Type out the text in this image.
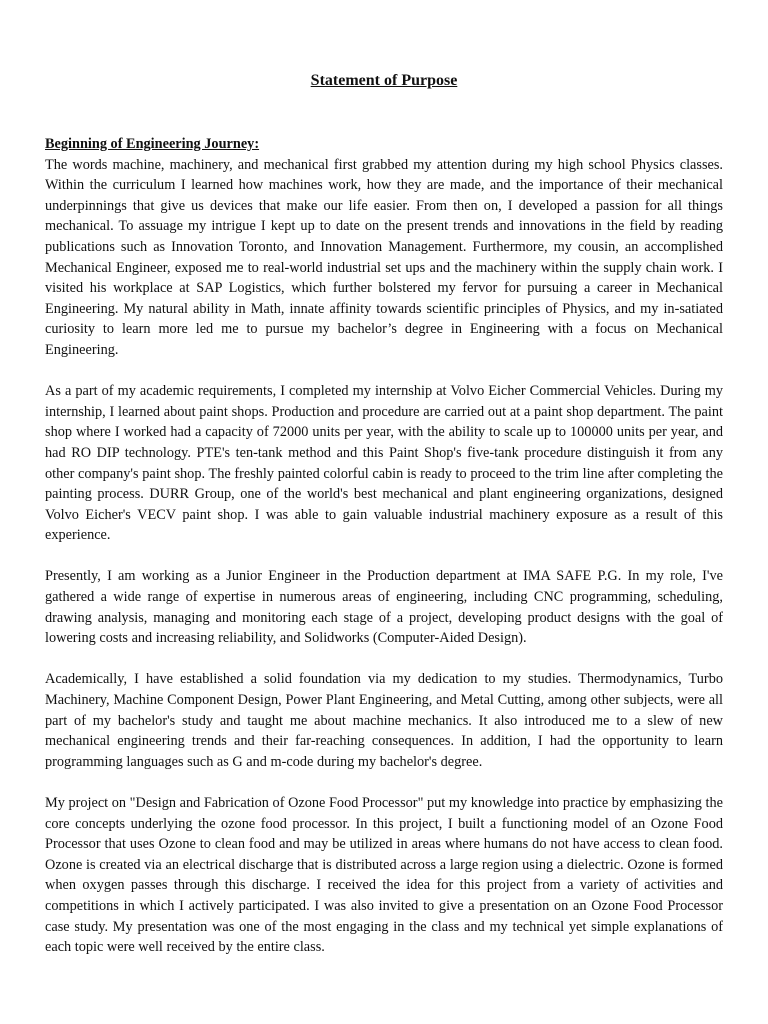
Statement of Purpose
Beginning of Engineering Journey:

The words machine, machinery, and mechanical first grabbed my attention during my high school Physics classes. Within the curriculum I learned how machines work, how they are made, and the importance of their mechanical underpinnings that give us devices that make our life easier. From then on, I developed a passion for all things mechanical. To assuage my intrigue I kept up to date on the present trends and innovations in the field by reading publications such as Innovation Toronto, and Innovation Management. Furthermore, my cousin, an accomplished Mechanical Engineer, exposed me to real-world industrial set ups and the machinery within the supply chain work. I visited his workplace at SAP Logistics, which further bolstered my fervor for pursuing a career in Mechanical Engineering. My natural ability in Math, innate affinity towards scientific principles of Physics, and my in-satiated curiosity to learn more led me to pursue my bachelor’s degree in Engineering with a focus on Mechanical Engineering.

As a part of my academic requirements, I completed my internship at Volvo Eicher Commercial Vehicles. During my internship, I learned about paint shops. Production and procedure are carried out at a paint shop department. The paint shop where I worked had a capacity of 72000 units per year, with the ability to scale up to 100000 units per year, and had RO DIP technology. PTE's ten-tank method and this Paint Shop's five-tank procedure distinguish it from any other company's paint shop. The freshly painted colorful cabin is ready to proceed to the trim line after completing the painting process. DURR Group, one of the world's best mechanical and plant engineering organizations, designed Volvo Eicher's VECV paint shop. I was able to gain valuable industrial machinery exposure as a result of this experience.

Presently, I am working as a Junior Engineer in the Production department at IMA SAFE P.G. In my role, I've gathered a wide range of expertise in numerous areas of engineering, including CNC programming, scheduling, drawing analysis, managing and monitoring each stage of a project, developing product designs with the goal of lowering costs and increasing reliability, and Solidworks (Computer-Aided Design).

Academically, I have established a solid foundation via my dedication to my studies. Thermodynamics, Turbo Machinery, Machine Component Design, Power Plant Engineering, and Metal Cutting, among other subjects, were all part of my bachelor's study and taught me about machine mechanics. It also introduced me to a slew of new mechanical engineering trends and their far-reaching consequences. In addition, I had the opportunity to learn programming languages such as G and m-code during my bachelor's degree.

My project on "Design and Fabrication of Ozone Food Processor" put my knowledge into practice by emphasizing the core concepts underlying the ozone food processor. In this project, I built a functioning model of an Ozone Food Processor that uses Ozone to clean food and may be utilized in areas where humans do not have access to clean food. Ozone is created via an electrical discharge that is distributed across a large region using a dielectric. Ozone is formed when oxygen passes through this discharge. I received the idea for this project from a variety of activities and competitions in which I actively participated. I was also invited to give a presentation on an Ozone Food Processor case study. My presentation was one of the most engaging in the class and my technical yet simple explanations of each topic were well received by the entire class.
